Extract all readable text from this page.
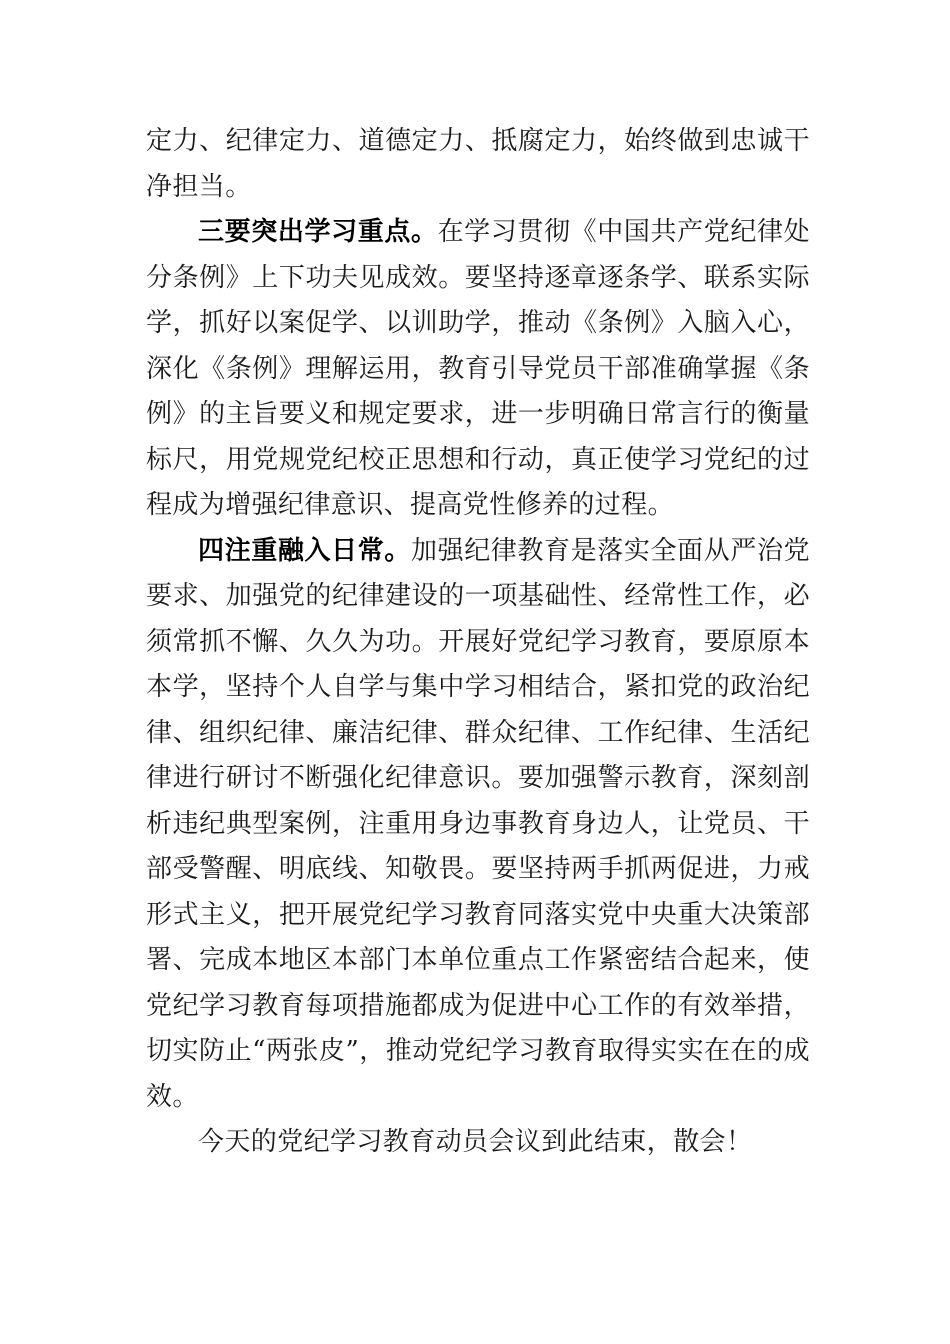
定力、纪律定力、道德定力、抵腐定力，始终做到忠诚干净担当。

三要突出学习重点。在学习贯彻《中国共产党纪律处分条例》上下功夫见成效。要坚持逐章逐条学、联系实际学，抓好以案促学、以训助学，推动《条例》入脑入心，深化《条例》理解运用，教育引导党员干部准确掌握《条例》的主旨要义和规定要求，进一步明确日常言行的衡量标尺，用党规党纪校正思想和行动，真正使学习党纪的过程成为增强纪律意识、提高党性修养的过程。

四注重融入日常。加强纪律教育是落实全面从严治党要求、加强党的纪律建设的一项基础性、经常性工作，必须常抓不懈、久久为功。开展好党纪学习教育，要原原本本学，坚持个人自学与集中学习相结合，紧扣党的政治纪律、组织纪律、廉洁纪律、群众纪律、工作纪律、生活纪律进行研讨不断强化纪律意识。要加强警示教育，深刻剖析违纪典型案例，注重用身边事教育身边人，让党员、干部受警醒、明底线、知敬畏。要坚持两手抓两促进，力戒形式主义，把开展党纪学习教育同落实党中央重大决策部署、完成本地区本部门本单位重点工作紧密结合起来，使党纪学习教育每项措施都成为促进中心工作的有效举措，切实防止“两张皮”，推动党纪学习教育取得实实在在的成效。

今天的党纪学习教育动员会议到此结束，散会！
